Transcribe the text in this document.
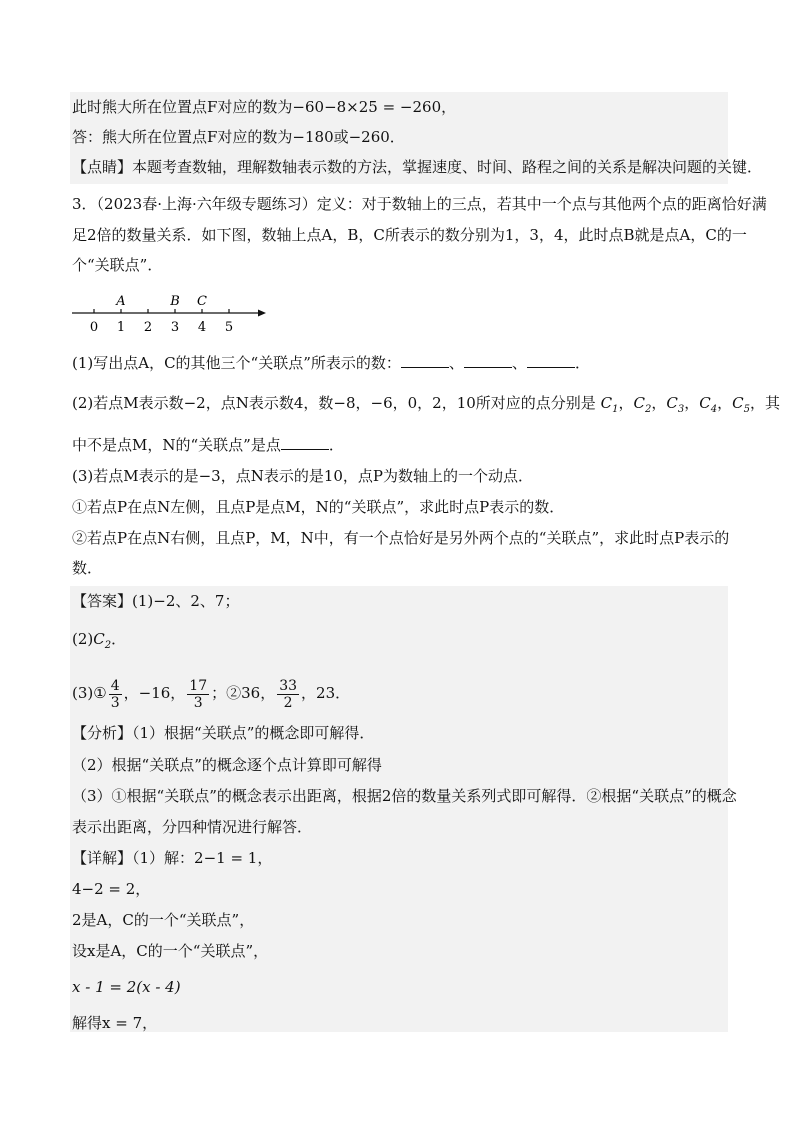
此时熊大所在位置点F对应的数为−60−8×25 = −260，
答：熊大所在位置点F对应的数为−180或−260．
【点睛】本题考查数轴，理解数轴表示数的方法，掌握速度、时间、路程之间的关系是解决问题的关键．
3．（2023春·上海·六年级专题练习）定义：对于数轴上的三点，若其中一个点与其他两个点的距离恰好满
足2倍的数量关系．如下图，数轴上点A，B，C所表示的数分别为1，3，4，此时点B就是点A，C的一
个“关联点”．
0 1 2 3 4 5
A	B C
(1)写出点A，C的其他三个“关联点”所表示的数：	、	、	．
(2)若点M表示数−2，点N表示数4，数−8，−6，0，2，10所对应的点分别是 $C_1$，$C_2$，$C_3$，$C_4$，$C_5$，其
中不是点M，N的“关联点”是点	．
(3)若点M表示的是−3，点N表示的是10，点P为数轴上的一个动点．
①若点P在点N左侧，且点P是点M，N的“关联点”，求此时点P表示的数．
②若点P在点N右侧，且点P，M，N中，有一个点恰好是另外两个点的“关联点”，求此时点P表示的
数．
【答案】(1)−2、2、7；
$(2)C_2$．
(3)① $\frac{4}{3}$ ，−16， $\frac{17}{3}$ ；②36， $\frac{33}{2}$ ，23．
【分析】（1）根据“关联点”的概念即可解得．
（2）根据“关联点”的概念逐个点计算即可解得
（3）①根据“关联点”的概念表示出距离，根据2倍的数量关系列式即可解得．②根据“关联点”的概念
表示出距离，分四种情况进行解答．
【详解】（1）解：2−1 = 1，
4−2 = 2，
2是A，C的一个“关联点”，
设x是A，C的一个“关联点”，
x - 1 = 2(x - 4)
解得x = 7，
